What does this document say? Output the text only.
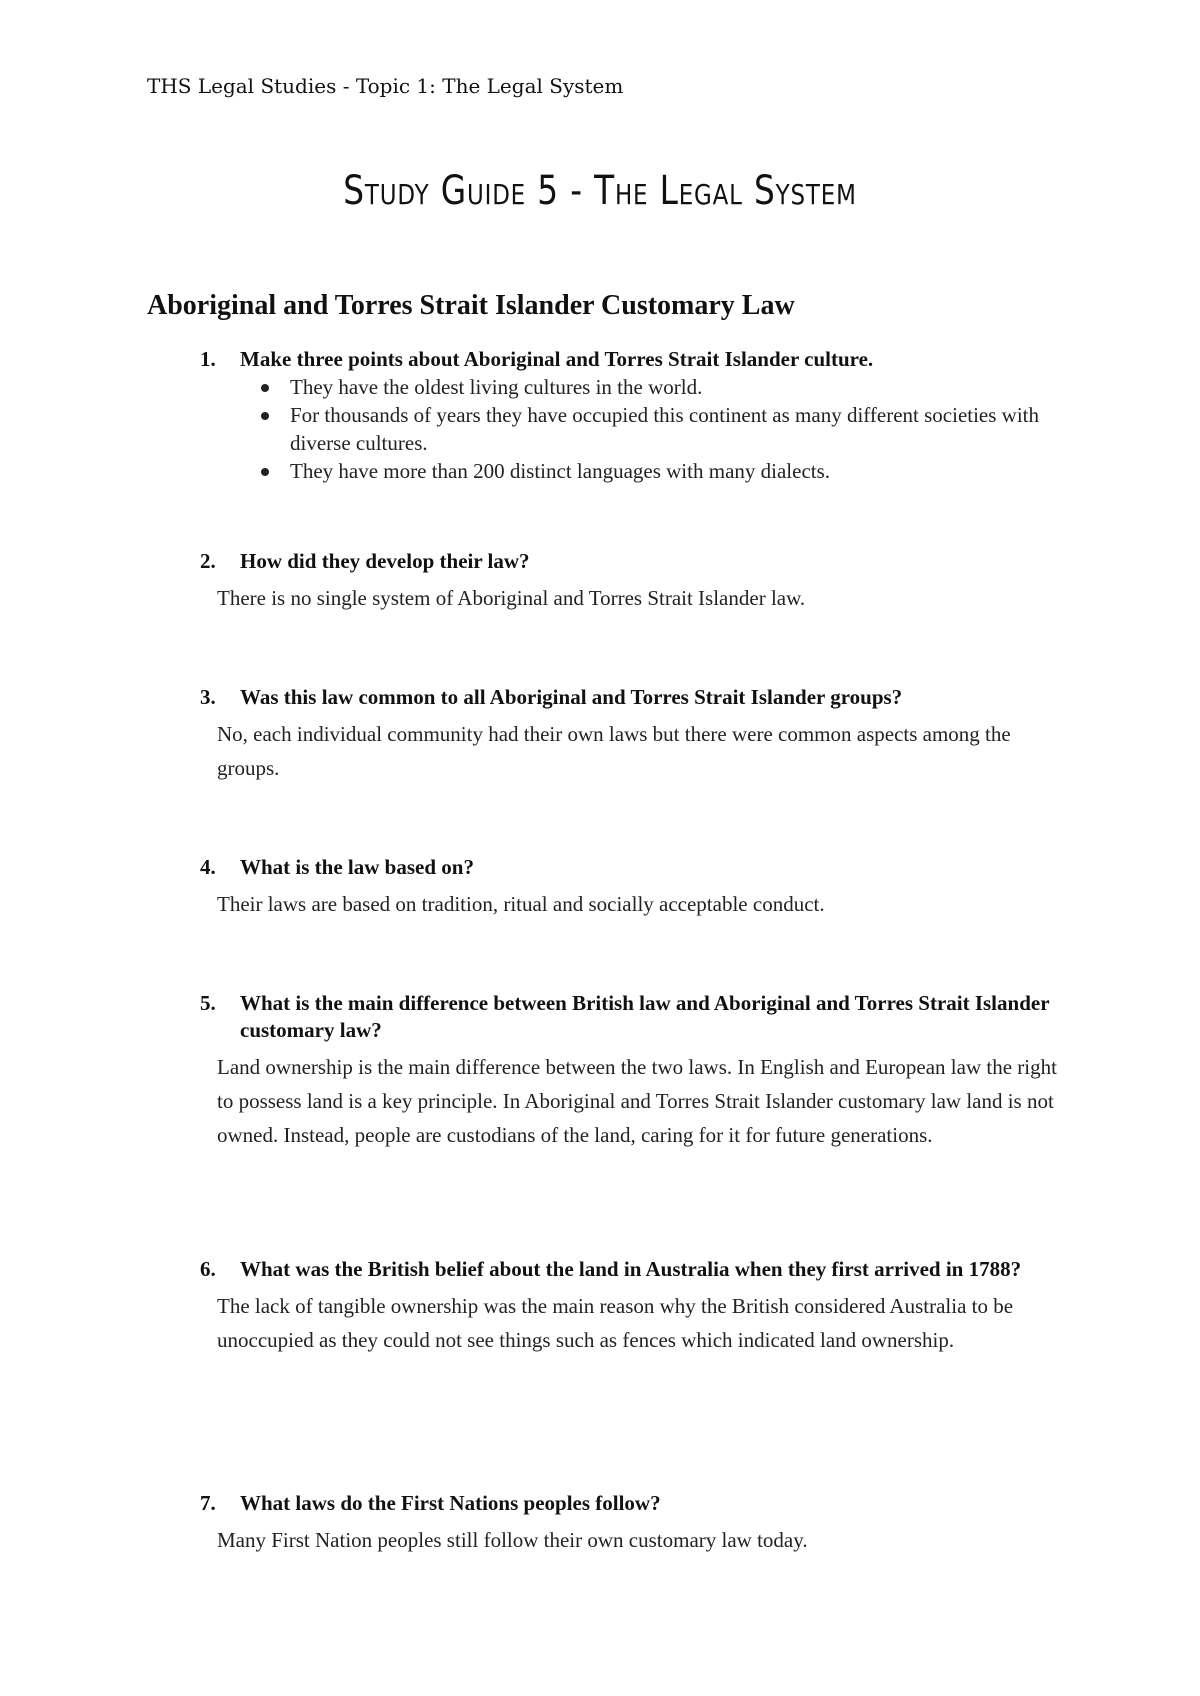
THS Legal Studies - Topic 1: The Legal System
Study Guide 5 - The Legal System
Aboriginal and Torres Strait Islander Customary Law
1.	Make three points about Aboriginal and Torres Strait Islander culture.
They have the oldest living cultures in the world.
For thousands of years they have occupied this continent as many different societies with diverse cultures.
They have more than 200 distinct languages with many dialects.
2.	How did they develop their law?
There is no single system of Aboriginal and Torres Strait Islander law.
3.	Was this law common to all Aboriginal and Torres Strait Islander groups?
No, each individual community had their own laws but there were common aspects among the groups.
4.	What is the law based on?
Their laws are based on tradition, ritual and socially acceptable conduct.
5.	What is the main difference between British law and Aboriginal and Torres Strait Islander customary law?
Land ownership is the main difference between the two laws. In English and European law the right to possess land is a key principle. In Aboriginal and Torres Strait Islander customary law land is not owned. Instead, people are custodians of the land, caring for it for future generations.
6.	What was the British belief about the land in Australia when they first arrived in 1788?
The lack of tangible ownership was the main reason why the British considered Australia to be unoccupied as they could not see things such as fences which indicated land ownership.
7.	What laws do the First Nations peoples follow?
Many First Nation peoples still follow their own customary law today.
